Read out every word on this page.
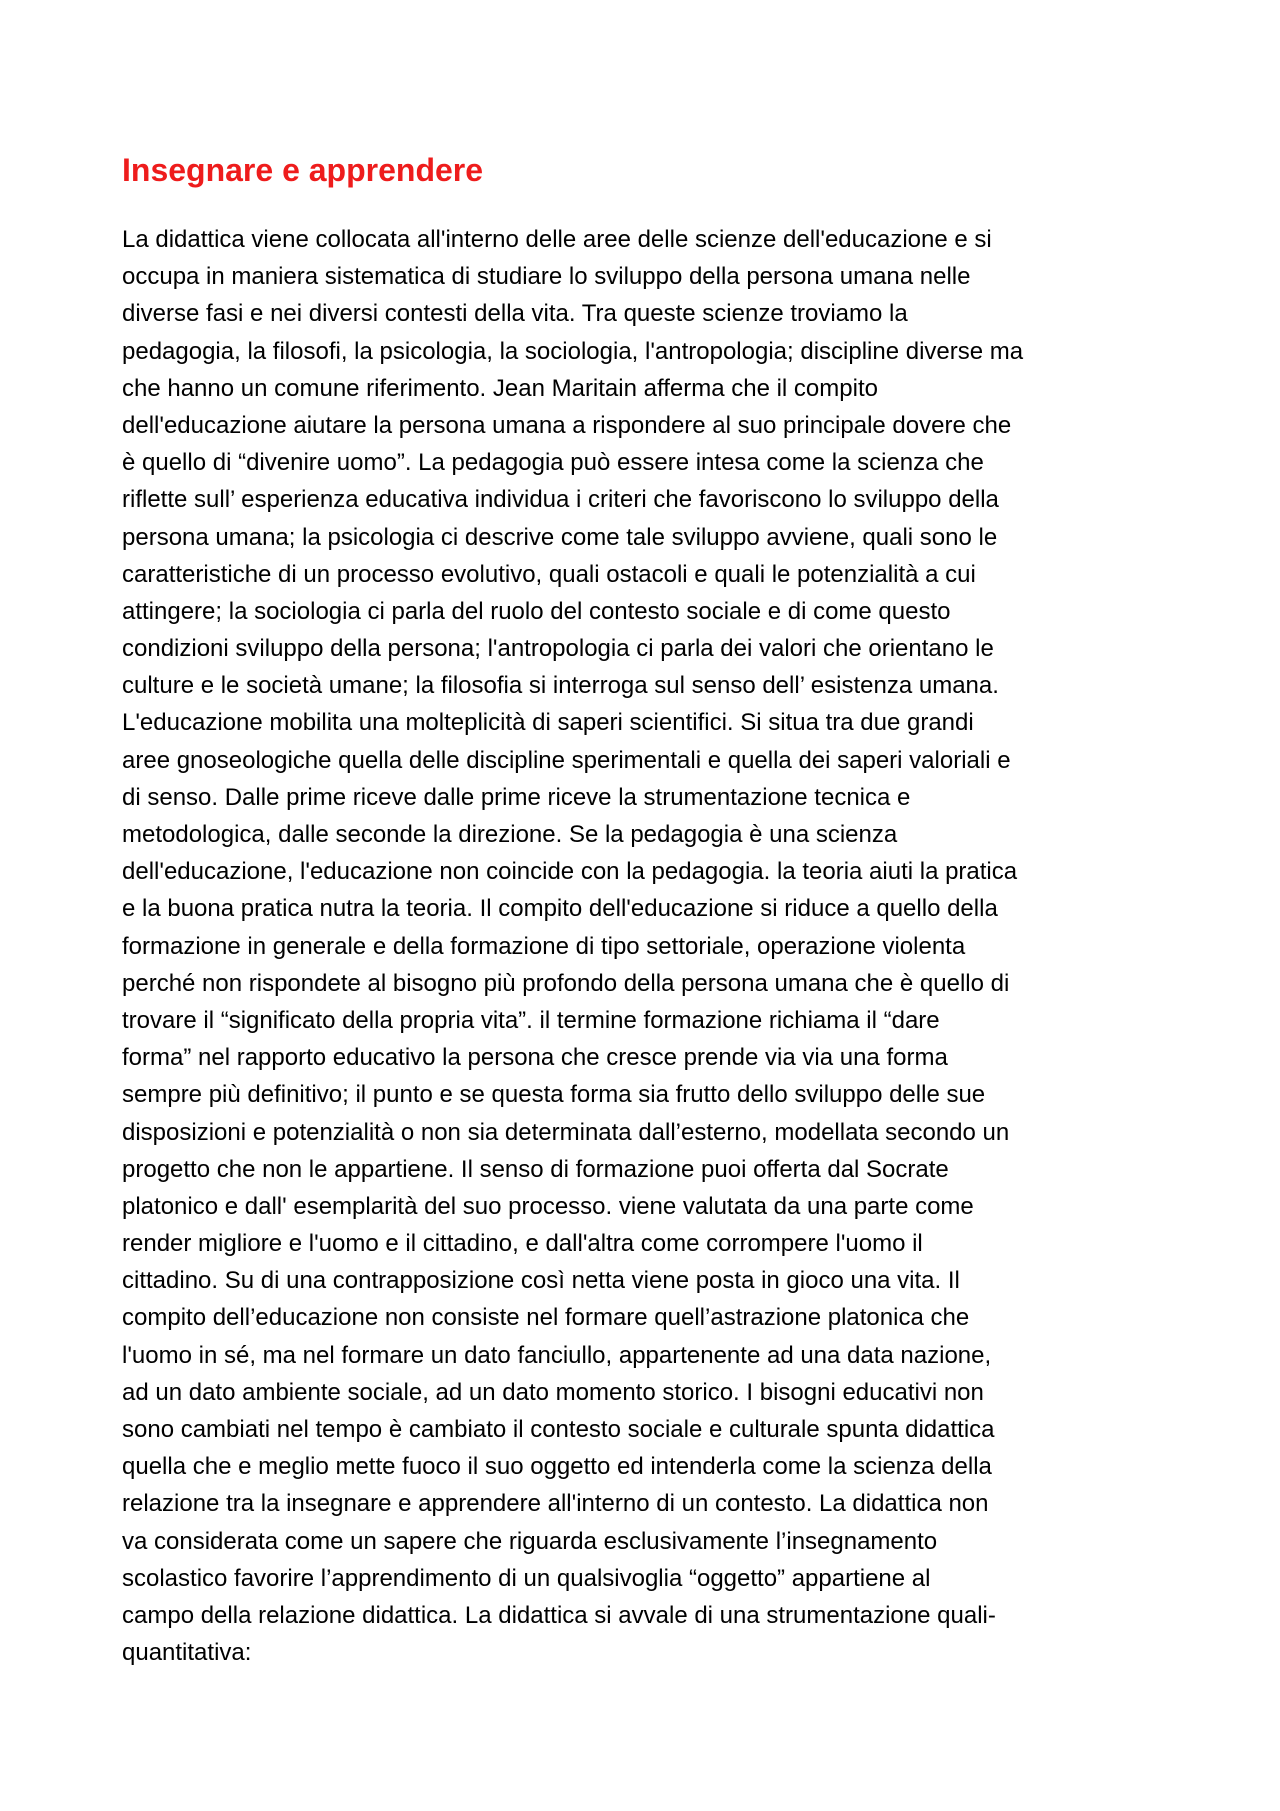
Insegnare e apprendere
La didattica viene collocata all'interno delle aree delle scienze dell'educazione e si
occupa in maniera sistematica di studiare lo sviluppo della persona umana nelle
diverse fasi e nei diversi contesti della vita. Tra queste scienze troviamo la
pedagogia, la filosofi, la psicologia, la sociologia, l'antropologia; discipline diverse ma
che hanno un comune riferimento. Jean Maritain afferma che il compito
dell'educazione aiutare la persona umana a rispondere al suo principale dovere che
è quello di “divenire uomo”. La pedagogia può essere intesa come la scienza che
riflette sull’ esperienza educativa individua i criteri che favoriscono lo sviluppo della
persona umana; la psicologia ci descrive come tale sviluppo avviene, quali sono le
caratteristiche di un processo evolutivo, quali ostacoli e quali le potenzialità a cui
attingere; la sociologia ci parla del ruolo del contesto sociale e di come questo
condizioni sviluppo della persona; l'antropologia ci parla dei valori che orientano le
culture e le società umane; la filosofia si interroga sul senso dell’ esistenza umana.
L'educazione mobilita una molteplicità di saperi scientifici. Si situa tra due grandi
aree gnoseologiche quella delle discipline sperimentali e quella dei saperi valoriali e
di senso. Dalle prime riceve dalle prime riceve la strumentazione tecnica e
metodologica, dalle seconde la direzione. Se la pedagogia è una scienza
dell'educazione, l'educazione non coincide con la pedagogia. la teoria aiuti la pratica
e la buona pratica nutra la teoria. Il compito dell'educazione si riduce a quello della
formazione in generale e della formazione di tipo settoriale, operazione violenta
perché non rispondete al bisogno più profondo della persona umana che è quello di
trovare il “significato della propria vita”. il termine formazione richiama il “dare
forma” nel rapporto educativo la persona che cresce prende via via una forma
sempre più definitivo; il punto e se questa forma sia frutto dello sviluppo delle sue
disposizioni e potenzialità o non sia determinata dall’esterno, modellata secondo un
progetto che non le appartiene. Il senso di formazione puoi offerta dal Socrate
platonico e dall' esemplarità del suo processo. viene valutata da una parte come
render migliore e l'uomo e il cittadino, e dall'altra come corrompere l'uomo il
cittadino. Su di una contrapposizione così netta viene posta in gioco una vita. Il
compito dell’educazione non consiste nel formare quell’astrazione platonica che
l'uomo in sé, ma nel formare un dato fanciullo, appartenente ad una data nazione,
ad un dato ambiente sociale, ad un dato momento storico. I bisogni educativi non
sono cambiati nel tempo è cambiato il contesto sociale e culturale spunta didattica
quella che e meglio mette fuoco il suo oggetto ed intenderla come la scienza della
relazione tra la insegnare e apprendere all'interno di un contesto. La didattica non
va considerata come un sapere che riguarda esclusivamente l’insegnamento
scolastico favorire l’apprendimento di un qualsivoglia “oggetto” appartiene al
campo della relazione didattica. La didattica si avvale di una strumentazione quali-
quantitativa:
